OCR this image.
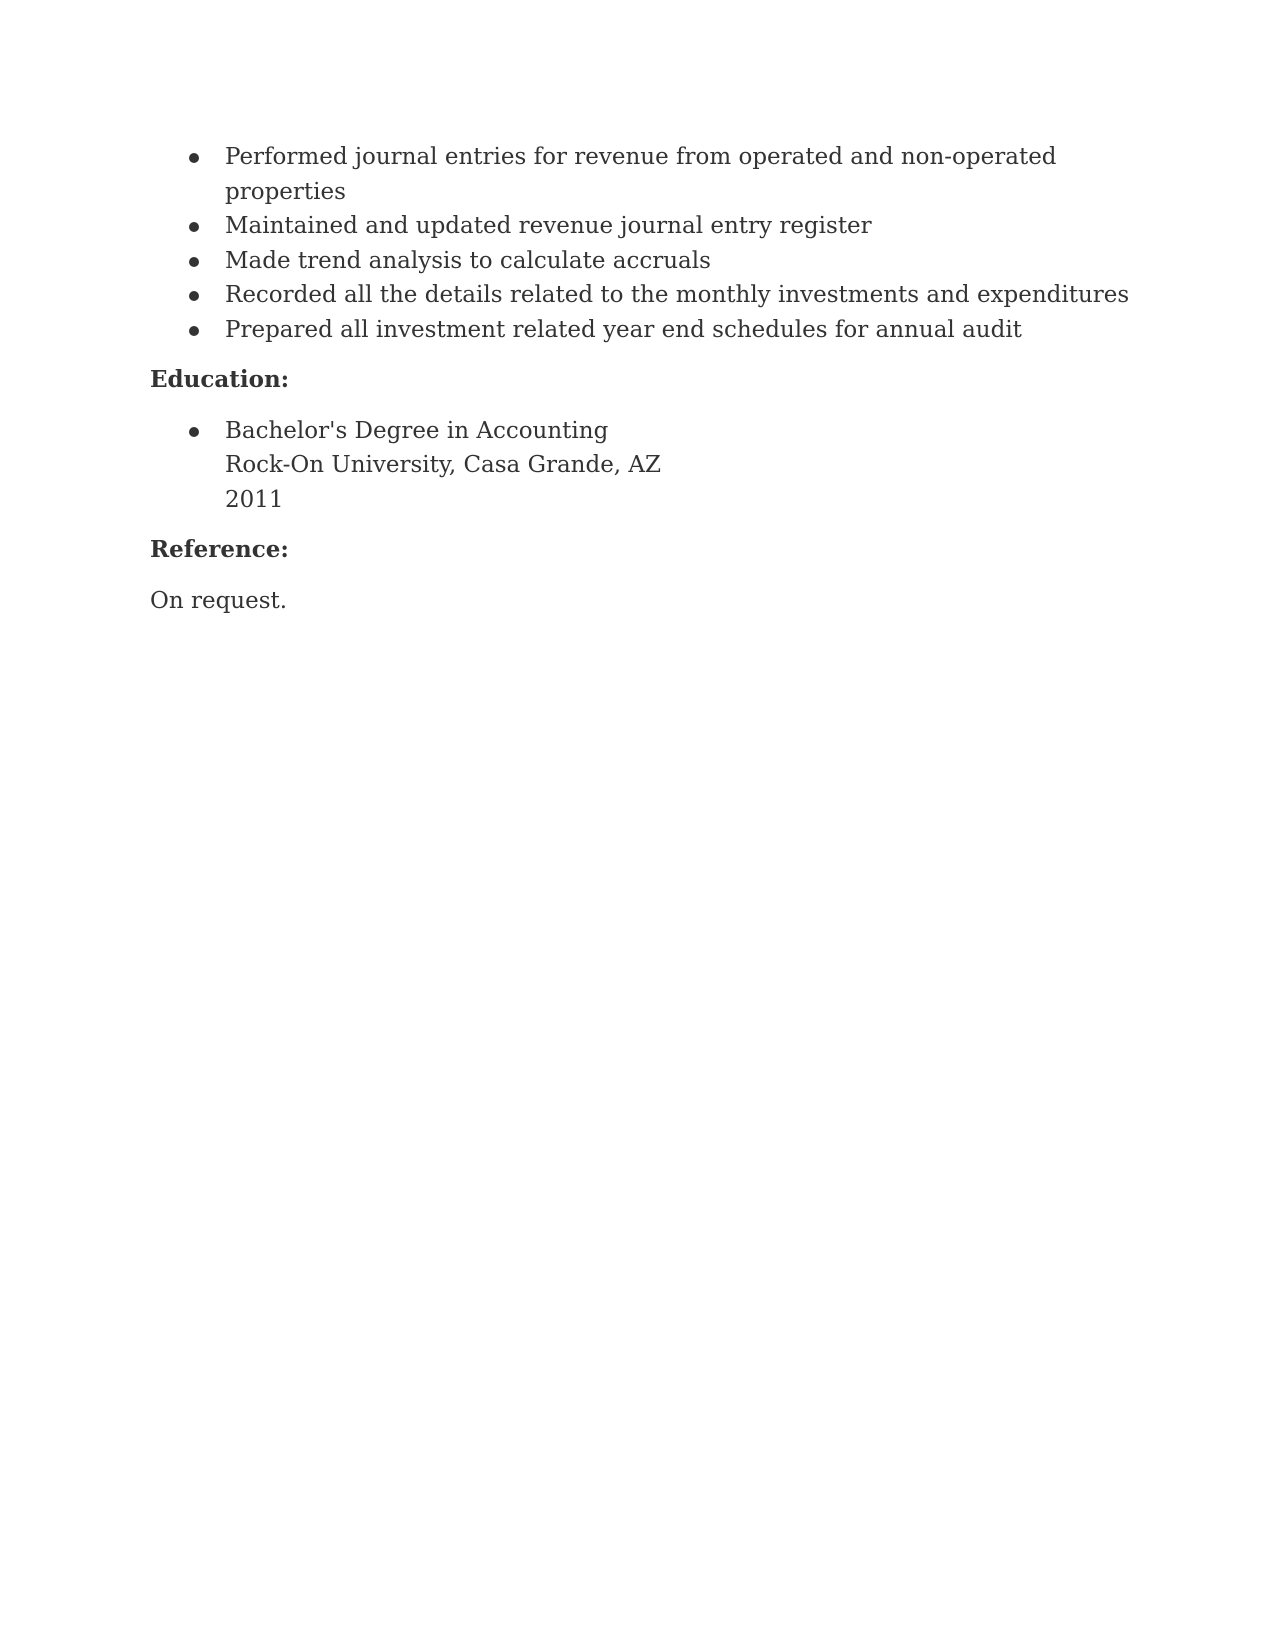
Performed journal entries for revenue from operated and non-operated properties
Maintained and updated revenue journal entry register
Made trend analysis to calculate accruals
Recorded all the details related to the monthly investments and expenditures
Prepared all investment related year end schedules for annual audit
Education:
Bachelor's Degree in Accounting
Rock-On University, Casa Grande, AZ
2011
Reference:

On request.
